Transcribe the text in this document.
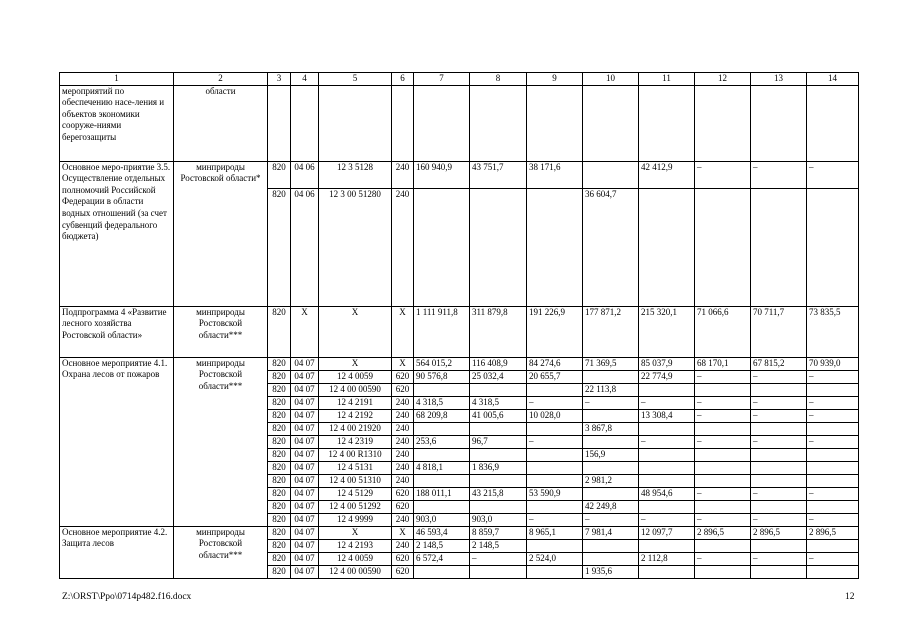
1	2	3	4	5	6	7	8	9	10	11	12	13	14
мероприятий по обеспечению насе-ления и объектов экономики сооруже-ниями берегозащиты	области												
Основное меро-приятие 3.5. Осуществление отдельных полномочий Российской Федерации в области водных отношений (за счет субвенций федерального бюджета)	минприроды Ростовской области*	820	04 06	12 3 5128	240	160 940,9	43 751,7	38 171,6		42 412,9	–	–	–
		820	04 06	12 3 00 51280	240				36 604,7				
Подпрограмма 4 «Развитие лесного хозяйства Ростовской области»	минприроды Ростовской области***	820	X	X	X	1 111 911,8	311 879,8	191 226,9	177 871,2	215 320,1	71 066,6	70 711,7	73 835,5
Основное мероприятие 4.1. Охрана лесов от пожаров	минприроды Ростовской области***	820	04 07	X	X	564 015,2	116 408,9	84 274,6	71 369,5	85 037,9	68 170,1	67 815,2	70 939,0
		820	04 07	12 4 0059	620	90 576,8	25 032,4	20 655,7		22 774,9	–	–	–
		820	04 07	12 4 00 00590	620				22 113,8				
		820	04 07	12 4 2191	240	4 318,5	4 318,5	–	–	–	–	–	–
		820	04 07	12 4 2192	240	68 209,8	41 005,6	10 028,0		13 308,4	–	–	–
		820	04 07	12 4 00 21920	240				3 867,8				
		820	04 07	12 4 2319	240	253,6	96,7	–		–	–	–	–
		820	04 07	12 4 00 R1310	240				156,9				
		820	04 07	12 4 5131	240	4 818,1	1 836,9						
		820	04 07	12 4 00 51310	240				2 981,2				
		820	04 07	12 4 5129	620	188 011,1	43 215,8	53 590,9		48 954,6	–	–	–
		820	04 07	12 4 00 51292	620				42 249,8				
		820	04 07	12 4 9999	240	903,0	903,0	–	–	–	–	–	–
Основное мероприятие 4.2. Защита лесов	минприроды Ростовской области***	820	04 07	X	X	46 593,4	8 859,7	8 965,1	7 981,4	12 097,7	2 896,5	2 896,5	2 896,5
		820	04 07	12 4 2193	240	2 148,5	2 148,5						
		820	04 07	12 4 0059	620	6 572,4	–	2 524,0		2 112,8	–	–	–
		820	04 07	12 4 00 00590	620				1 935,6				
Z:\ORST\Ppo\0714p482.f16.docx	12
